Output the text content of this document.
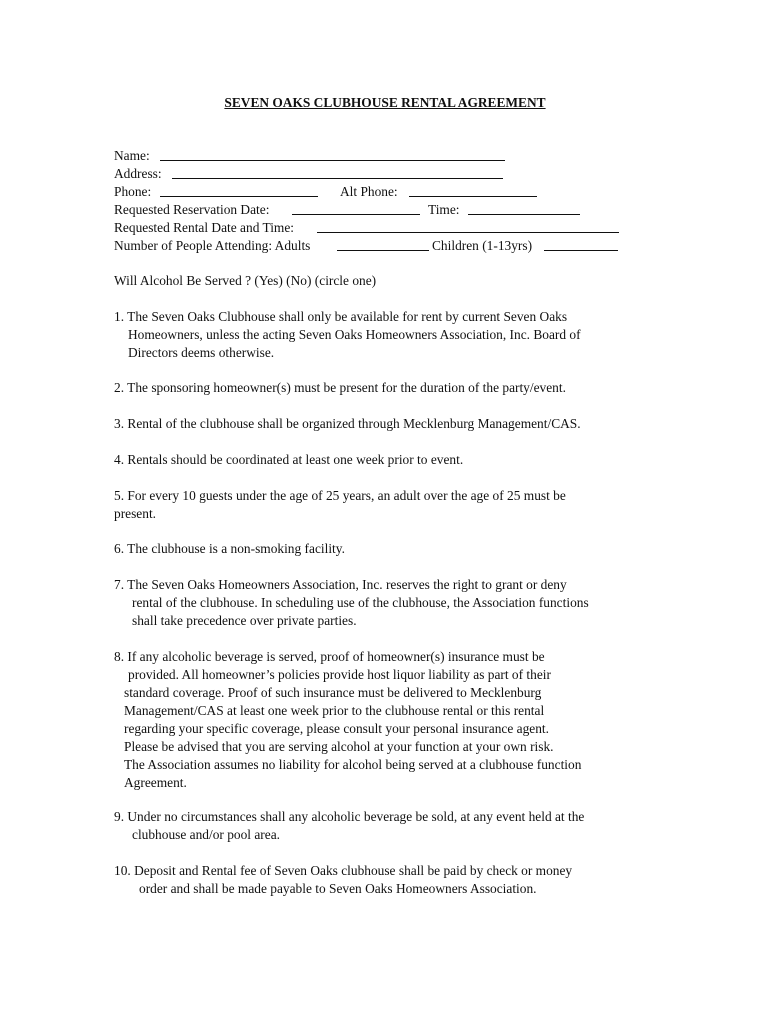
SEVEN OAKS CLUBHOUSE RENTAL AGREEMENT
Name:
Address:
Phone:	Alt Phone:
Requested Reservation Date:	Time:
Requested Rental Date and Time:
Number of People Attending: Adults	Children (1-13yrs)
Will Alcohol Be Served ? (Yes) (No) (circle one)
1. The Seven Oaks Clubhouse shall only be available for rent by current Seven Oaks
Homeowners, unless the acting Seven Oaks Homeowners Association, Inc. Board of
Directors deems otherwise.
2. The sponsoring homeowner(s) must be present for the duration of the party/event.
3. Rental of the clubhouse shall be organized through Mecklenburg Management/CAS.
4. Rentals should be coordinated at least one week prior to event.
5. For every 10 guests under the age of 25 years, an adult over the age of 25 must be
present.
6. The clubhouse is a non-smoking facility.
7. The Seven Oaks Homeowners Association, Inc. reserves the right to grant or deny
rental of the clubhouse. In scheduling use of the clubhouse, the Association functions
shall take precedence over private parties.
8. If any alcoholic beverage is served, proof of homeowner(s) insurance must be
provided. All homeowner’s policies provide host liquor liability as part of their
standard coverage. Proof of such insurance must be delivered to Mecklenburg
Management/CAS at least one week prior to the clubhouse rental or this rental
regarding your specific coverage, please consult your personal insurance agent.
Please be advised that you are serving alcohol at your function at your own risk.
The Association assumes no liability for alcohol being served at a clubhouse function
Agreement.
9. Under no circumstances shall any alcoholic beverage be sold, at any event held at the
clubhouse and/or pool area.
10. Deposit and Rental fee of Seven Oaks clubhouse shall be paid by check or money
order and shall be made payable to Seven Oaks Homeowners Association.
